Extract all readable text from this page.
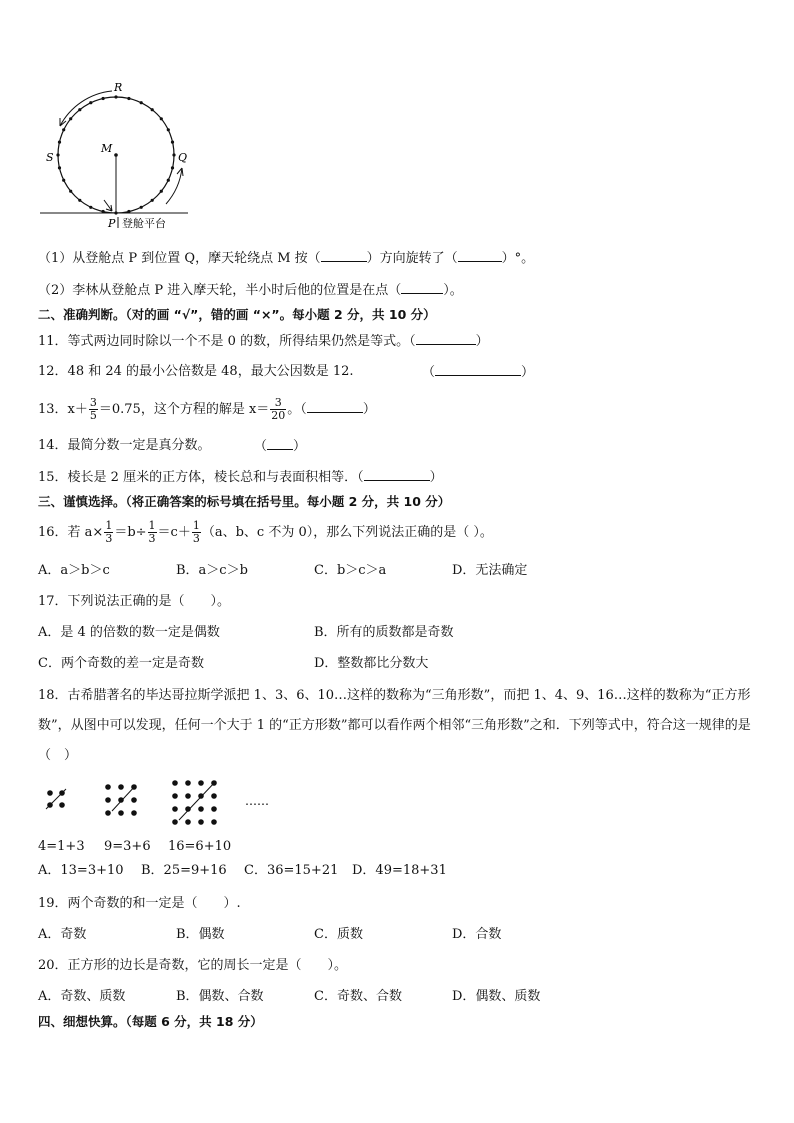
R
S
M
Q
P 登舱平台
（1）从登舱点 P 到位置 Q，摩天轮绕点 M 按（	）方向旋转了（	）°。
（2）李林从登舱点 P 进入摩天轮，半小时后他的位置是在点（	）。
二、准确判断。（对的画 “√”，错的画 “×”。每小题 2 分，共 10 分）
11．等式两边同时除以一个不是 0 的数，所得结果仍然是等式。（	）
12．48 和 24 的最小公倍数是 48，最大公因数是 12.	（	）
13．$x+ \frac{3}{5} =0.75$，这个方程的解是 $x= \frac{3}{20}$ 。（	）
14．最简分数一定是真分数。	（ ）
15．棱长是 2 厘米的正方体，棱长总和与表面积相等．（	）
三、谨慎选择。（将正确答案的标号填在括号里。每小题 2 分，共 10 分）
16．若 $a\times \frac{1}{3} =b\div \frac{1}{3} =c+ \frac{1}{3} (a$、b、c 不为 0），那么下列说法正确的是（ ）。
A．a＞b＞c	B．a＞c＞b	C．b＞c＞a	D．无法确定
17．下列说法正确的是（　　）。
A．是 4 的倍数的数一定是偶数	B．所有的质数都是奇数
C．两个奇数的差一定是奇数	D．整数都比分数大
18．古希腊著名的毕达哥拉斯学派把 1、3、6、10…这样的数称为“三角形数”，而把 1、4、9、16…这样的数称为“正方形数”，从图中可以发现，任何一个大于 1 的“正方形数”都可以看作两个相邻“三角形数”之和．下列等式中，符合这一规律的是（　）
……
4=1+3 9=3+6 16=6+10
A．13=3+10 B．25=9+16 C．36=15+21 D．49=18+31
19．两个奇数的和一定是（　　）.
A．奇数	B．偶数	C．质数	D．合数
20．正方形的边长是奇数，它的周长一定是（　　）。
A．奇数、质数	B．偶数、合数	C．奇数、合数	D．偶数、质数
四、细想快算。（每题 6 分，共 18 分）
